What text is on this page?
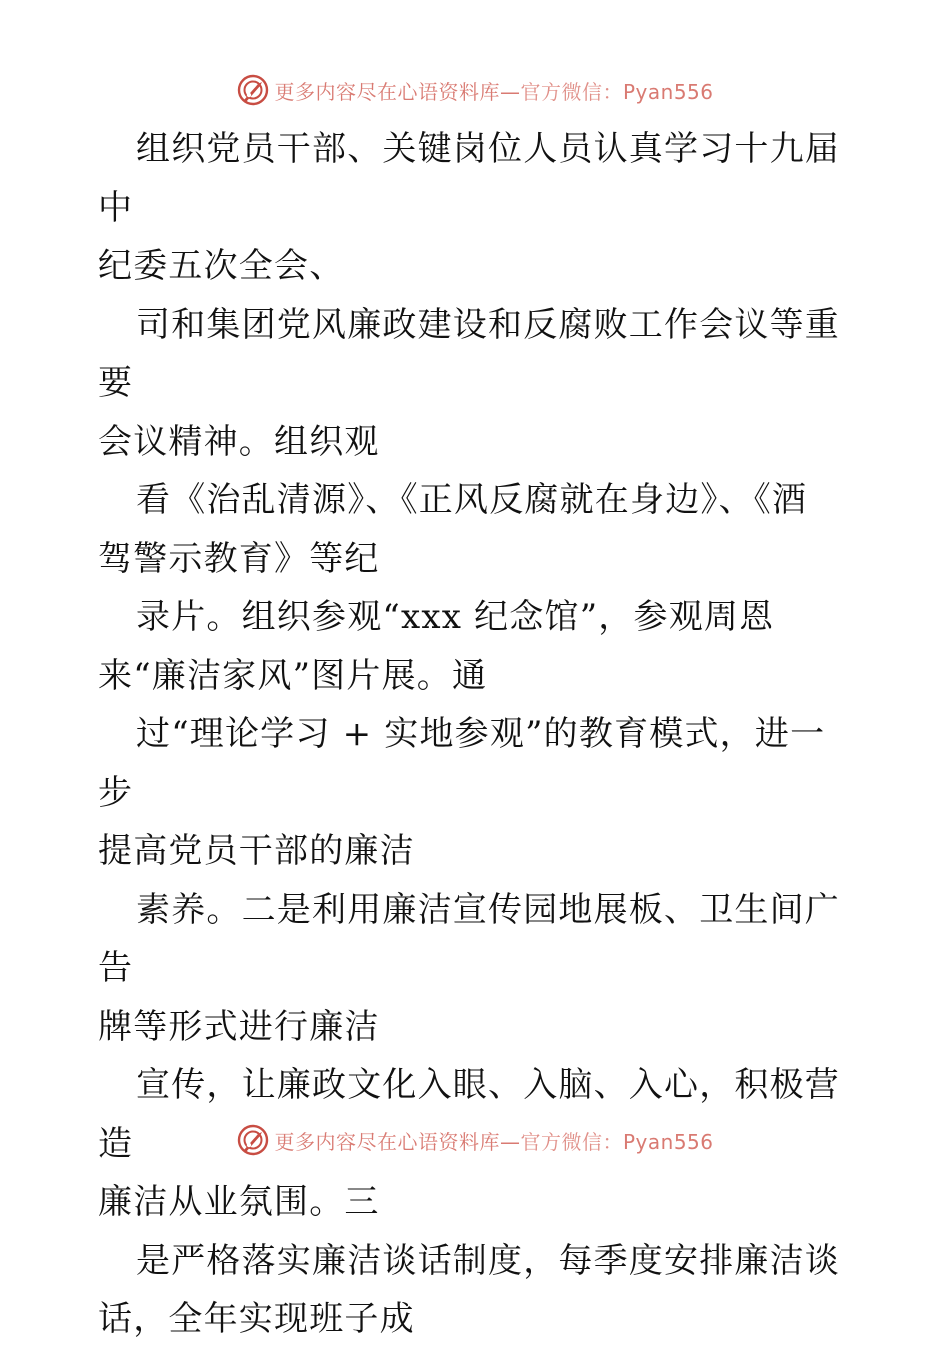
更多内容尽在心语资料库—官方微信：Pyan556

组织党员干部、关键岗位人员认真学习十九届中
纪委五次全会、

司和集团党风廉政建设和反腐败工作会议等重要
会议精神。组织观

看《治乱清源》、《正风反腐就在身边》、《酒
驾警示教育》等纪

录片。组织参观“xxx 纪念馆”，参观周恩
来“廉洁家风”图片展。通

过“理论学习 + 实地参观”的教育模式，进一步
提高党员干部的廉洁

素养。二是利用廉洁宣传园地展板、卫生间广告
牌等形式进行廉洁

宣传，让廉政文化入眼、入脑、入心，积极营造
廉洁从业氛围。三

是严格落实廉洁谈话制度，每季度安排廉洁谈
话，全年实现班子成

更多内容尽在心语资料库—官方微信：Pyan556
